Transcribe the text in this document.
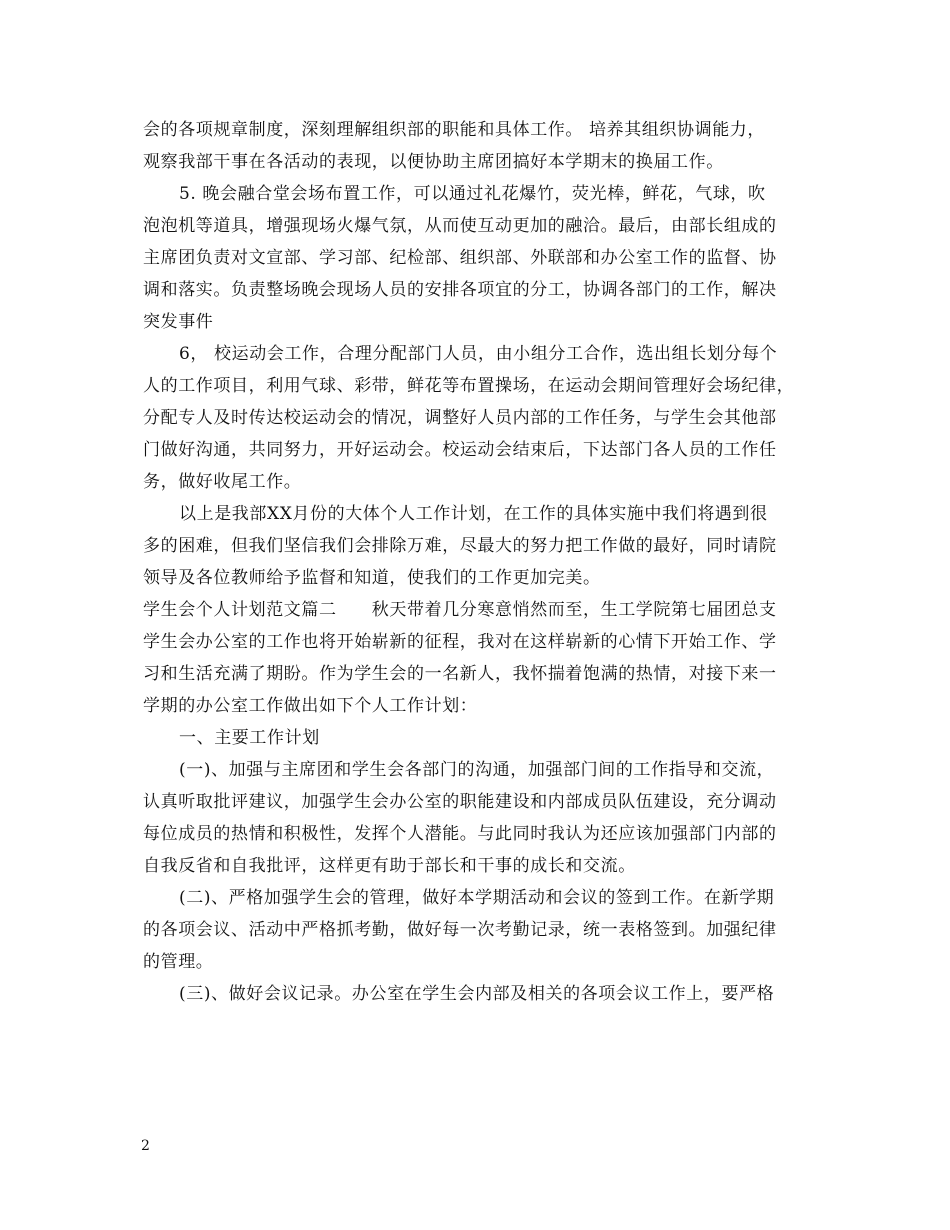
会的各项规章制度，深刻理解组织部的职能和具体工作。 培养其组织协调能力，
观察我部干事在各活动的表现，以便协助主席团搞好本学期末的换届工作。
5. 晚会融合堂会场布置工作，可以通过礼花爆竹，荧光棒，鲜花，气球，吹
泡泡机等道具，增强现场火爆气氛，从而使互动更加的融洽。最后，由部长组成的
主席团负责对文宣部、学习部、纪检部、组织部、外联部和办公室工作的监督、协
调和落实。负责整场晚会现场人员的安排各项宜的分工，协调各部门的工作，解决
突发事件
6， 校运动会工作，合理分配部门人员，由小组分工合作，选出组长划分每个
人的工作项目，利用气球、彩带，鲜花等布置操场，在运动会期间管理好会场纪律，
分配专人及时传达校运动会的情况，调整好人员内部的工作任务，与学生会其他部
门做好沟通，共同努力，开好运动会。校运动会结束后，下达部门各人员的工作任
务，做好收尾工作。
以上是我部XX月份的大体个人工作计划，在工作的具体实施中我们将遇到很
多的困难，但我们坚信我们会排除万难，尽最大的努力把工作做的最好，同时请院
领导及各位教师给予监督和知道，使我们的工作更加完美。
学生会个人计划范文篇二　　秋天带着几分寒意悄然而至，生工学院第七届团总支
学生会办公室的工作也将开始崭新的征程，我对在这样崭新的心情下开始工作、学
习和生活充满了期盼。作为学生会的一名新人，我怀揣着饱满的热情，对接下来一
学期的办公室工作做出如下个人工作计划：
一、主要工作计划
(一)、加强与主席团和学生会各部门的沟通，加强部门间的工作指导和交流，
认真听取批评建议，加强学生会办公室的职能建设和内部成员队伍建设，充分调动
每位成员的热情和积极性，发挥个人潜能。与此同时我认为还应该加强部门内部的
自我反省和自我批评，这样更有助于部长和干事的成长和交流。
(二)、严格加强学生会的管理，做好本学期活动和会议的签到工作。在新学期
的各项会议、活动中严格抓考勤，做好每一次考勤记录，统一表格签到。加强纪律
的管理。
(三)、做好会议记录。办公室在学生会内部及相关的各项会议工作上，要严格
2
